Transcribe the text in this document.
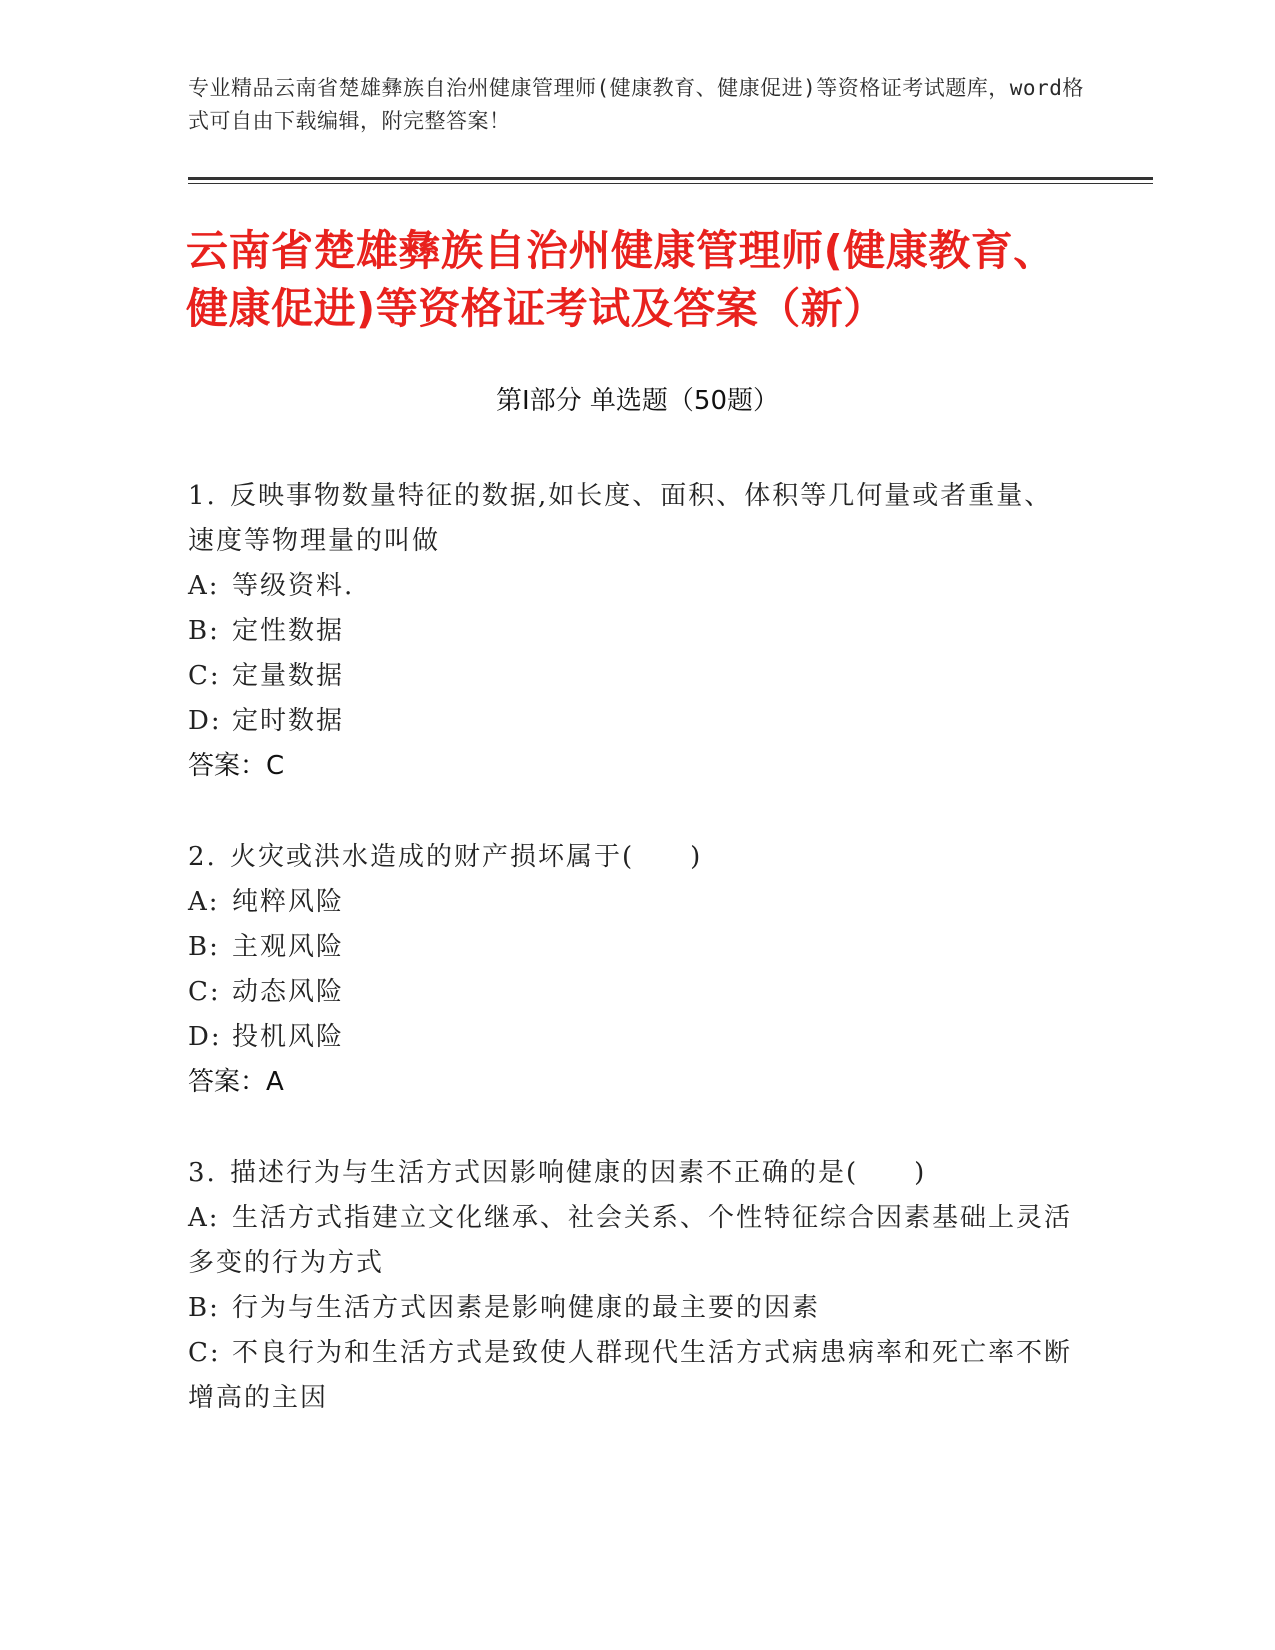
专业精品云南省楚雄彝族自治州健康管理师(健康教育、健康促进)等资格证考试题库，word格式可自由下载编辑，附完整答案！
云南省楚雄彝族自治州健康管理师(健康教育、健康促进)等资格证考试及答案（新）
第Ⅰ部分 单选题（50题）
1. 反映事物数量特征的数据,如长度、面积、体积等几何量或者重量、速度等物理量的叫做
A: 等级资料.
B: 定性数据
C: 定量数据
D: 定时数据
答案：C
2. 火灾或洪水造成的财产损坏属于(　　)
A: 纯粹风险
B: 主观风险
C: 动态风险
D: 投机风险
答案：A
3. 描述行为与生活方式因影响健康的因素不正确的是(　　)
A: 生活方式指建立文化继承、社会关系、个性特征综合因素基础上灵活多变的行为方式
B: 行为与生活方式因素是影响健康的最主要的因素
C: 不良行为和生活方式是致使人群现代生活方式病患病率和死亡率不断增高的主因
